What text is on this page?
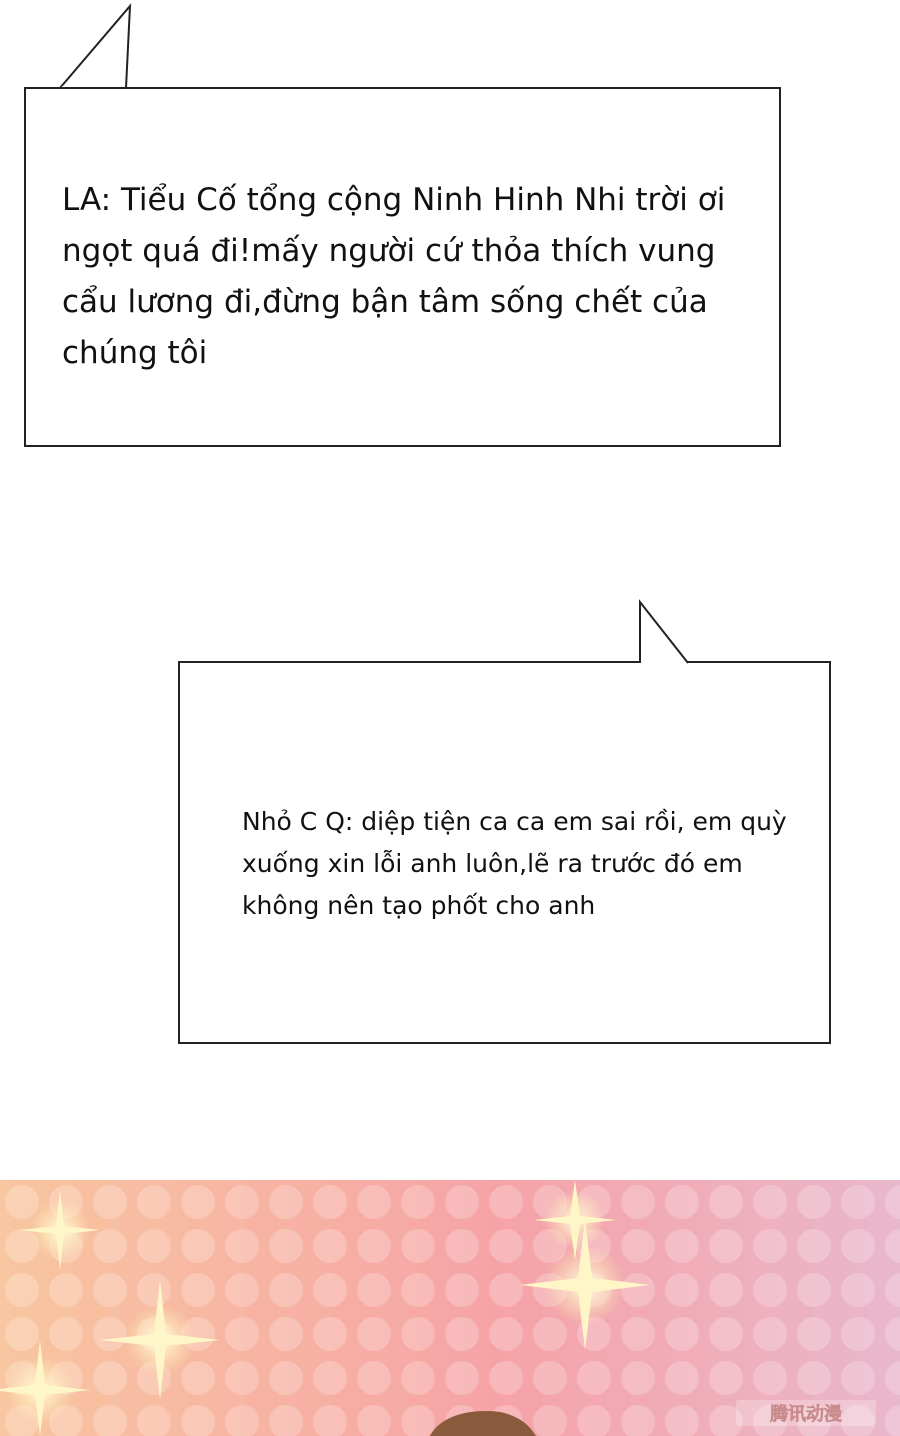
LA: Tiểu Cố tổng cộng Ninh Hinh Nhi trời ơi ngọt quá đi!mấy người cứ thỏa thích vung cẩu lương đi,đừng bận tâm sống chết của chúng tôi

Nhỏ C Q: diệp tiện ca ca em sai rồi, em quỳ xuống xin lỗi anh luôn,lẽ ra trước đó em không nên tạo phốt cho anh

腾讯动漫
